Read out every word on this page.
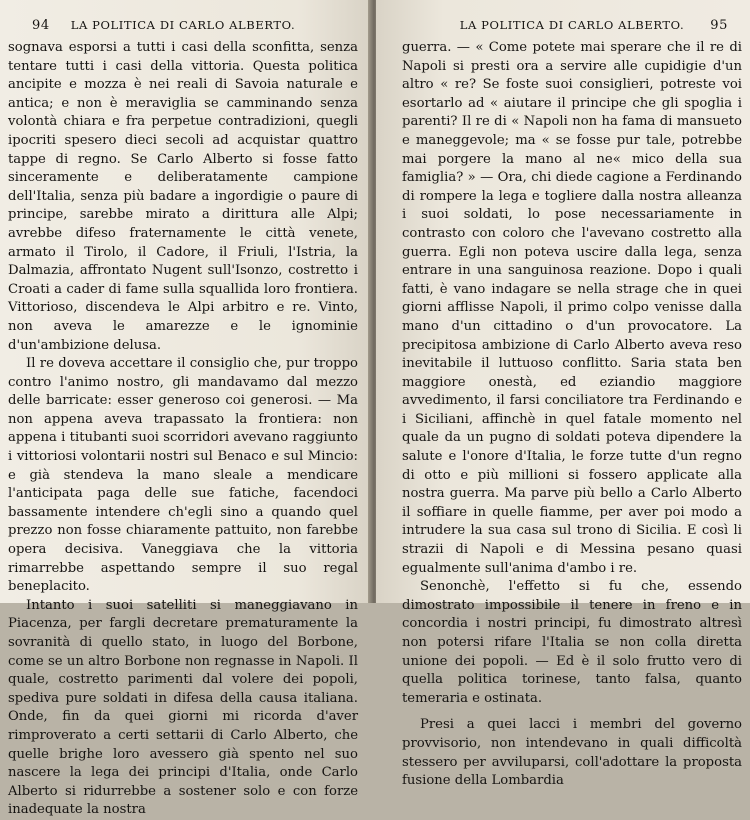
94	LA POLITICA DI CARLO ALBERTO.

sognava esporsi a tutti i casi della sconfitta, senza tentare tutti i casi della vittoria. Questa politica ancipite e mozza è nei reali di Savoia naturale e antica; e non è meraviglia se camminando senza volontà chiara e fra perpetue contradizioni, quegli ipocriti spesero dieci secoli ad acquistar quattro tappe di regno. Se Carlo Alberto si fosse fatto sinceramente e deliberatamente campione dell'Italia, senza più badare a ingordigie o paure di principe, sarebbe mirato a dirittura alle Alpi; avrebbe difeso fraternamente le città venete, armato il Tirolo, il Cadore, il Friuli, l'Istria, la Dalmazia, affrontato Nugent sull'Isonzo, costretto i Croati a cader di fame sulla squallida loro frontiera. Vittorioso, discendeva le Alpi arbitro e re. Vinto, non aveva le amarezze e le ignominie d'un'ambizione delusa.

Il re doveva accettare il consiglio che, pur troppo contro l'animo nostro, gli mandavamo dal mezzo delle barricate: esser generoso coi generosi. — Ma non appena aveva trapassato la frontiera: non appena i titubanti suoi scorridori avevano raggiunto i vittoriosi volontarii nostri sul Benaco e sul Mincio: e già stendeva la mano sleale a mendicare l'anticipata paga delle sue fatiche, facendoci bassamente intendere ch'egli sino a quando quel prezzo non fosse chiaramente pattuito, non farebbe opera decisiva. Vaneggiava che la vittoria rimarrebbe aspettando sempre il suo regal beneplacito.

Intanto i suoi satelliti si maneggiavano in Piacenza, per fargli decretare prematuramente la sovranità di quello stato, in luogo del Borbone, come se un altro Borbone non regnasse in Napoli. Il quale, costretto parimenti dal volere dei popoli, spediva pure soldati in difesa della causa italiana. Onde, fin da quei giorni mi ricorda d'aver rimproverato a certi settarii di Carlo Alberto, che quelle brighe loro avessero già spento nel suo nascere la lega dei principi d'Italia, onde Carlo Alberto si ridurrebbe a sostener solo e con forze inadequate la nostra

LA POLITICA DI CARLO ALBERTO.	95

guerra. — « Come potete mai sperare che il re di Napoli si presti ora a servire alle cupidigie d'un altro « re? Se foste suoi consiglieri, potreste voi esortarlo ad « aiutare il principe che gli spoglia i parenti? Il re di « Napoli non ha fama di mansueto e maneggevole; ma « se fosse pur tale, potrebbe mai porgere la mano al ne« mico della sua famiglia? » — Ora, chi diede cagione a Ferdinando di rompere la lega e togliere dalla nostra alleanza i suoi soldati, lo pose necessariamente in contrasto con coloro che l'avevano costretto alla guerra. Egli non poteva uscire dalla lega, senza entrare in una sanguinosa reazione. Dopo i quali fatti, è vano indagare se nella strage che in quei giorni afflisse Napoli, il primo colpo venisse dalla mano d'un cittadino o d'un provocatore. La precipitosa ambizione di Carlo Alberto aveva reso inevitabile il luttuoso conflitto. Saria stata ben maggiore onestà, ed eziandio maggiore avvedimento, il farsi conciliatore tra Ferdinando e i Siciliani, affinchè in quel fatale momento nel quale da un pugno di soldati poteva dipendere la salute e l'onore d'Italia, le forze tutte d'un regno di otto e più millioni si fossero applicate alla nostra guerra. Ma parve più bello a Carlo Alberto il soffiare in quelle fiamme, per aver poi modo a intrudere la sua casa sul trono di Sicilia. E così li strazii di Napoli e di Messina pesano quasi egualmente sull'anima d'ambo i re.

Senonchè, l'effetto si fu che, essendo dimostrato impossibile il tenere in freno e in concordia i nostri principi, fu dimostrato altresì non potersi rifare l'Italia se non colla diretta unione dei popoli. — Ed è il solo frutto vero di quella politica torinese, tanto falsa, quanto temeraria e ostinata.

Presi a quei lacci i membri del governo provvisorio, non intendevano in quali difficoltà stessero per avviluparsi, coll'adottare la proposta fusione della Lombardia
